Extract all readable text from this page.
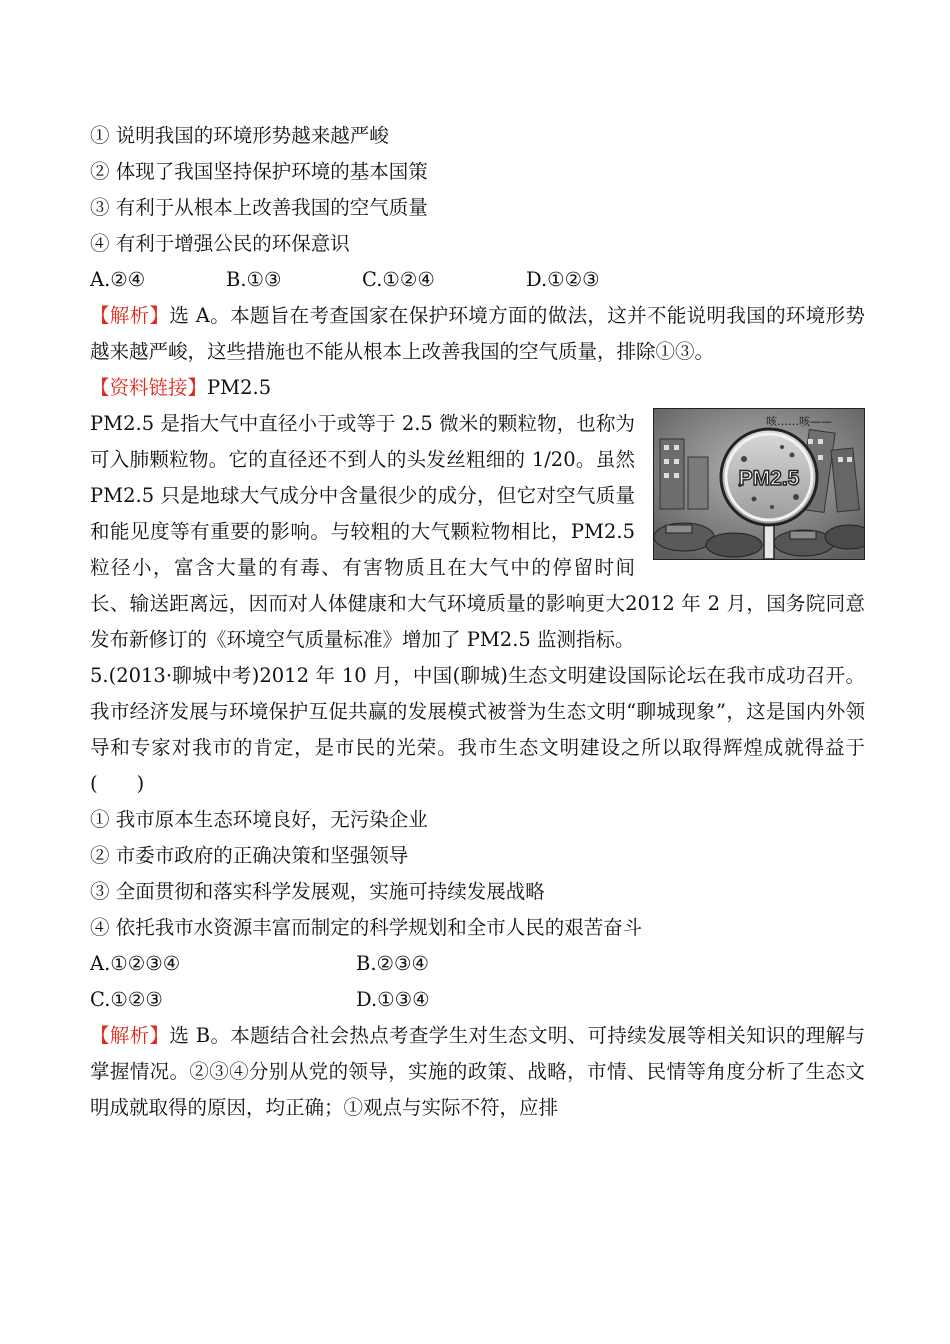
① 说明我国的环境形势越来越严峻
② 体现了我国坚持保护环境的基本国策
③ 有利于从根本上改善我国的空气质量
④ 有利于增强公民的环保意识
A.②④	B.①③	C.①②④	D.①②③
【解析】选 A。本题旨在考查国家在保护环境方面的做法，这并不能说明我国的环境形势越来越严峻，这些措施也不能从根本上改善我国的空气质量，排除①③。
【资料链接】PM2.5
PM2.5
咳……咳——
PM2.5 是指大气中直径小于或等于 2.5 微米的颗粒物，也称为可入肺颗粒物。它的直径还不到人的头发丝粗细的 1/20。虽然 PM2.5 只是地球大气成分中含量很少的成分，但它对空气质量和能见度等有重要的影响。与较粗的大气颗粒物相比，PM2.5 粒径小，富含大量的有毒、有害物质且在大气中的停留时间长、输送距离远，因而对人体健康和大气环境质量的影响更大2012 年 2 月，国务院同意发布新修订的《环境空气质量标准》增加了 PM2.5 监测指标。
5.(2013·聊城中考)2012 年 10 月，中国(聊城)生态文明建设国际论坛在我市成功召开。我市经济发展与环境保护互促共赢的发展模式被誉为生态文明“聊城现象”，这是国内外领导和专家对我市的肯定，是市民的光荣。我市生态文明建设之所以取得辉煌成就得益于(　　)
① 我市原本生态环境良好，无污染企业
② 市委市政府的正确决策和坚强领导
③ 全面贯彻和落实科学发展观，实施可持续发展战略
④ 依托我市水资源丰富而制定的科学规划和全市人民的艰苦奋斗
A.①②③④	B.②③④
C.①②③	D.①③④
【解析】选 B。本题结合社会热点考查学生对生态文明、可持续发展等相关知识的理解与掌握情况。②③④分别从党的领导，实施的政策、战略，市情、民情等角度分析了生态文明成就取得的原因，均正确；①观点与实际不符，应排
